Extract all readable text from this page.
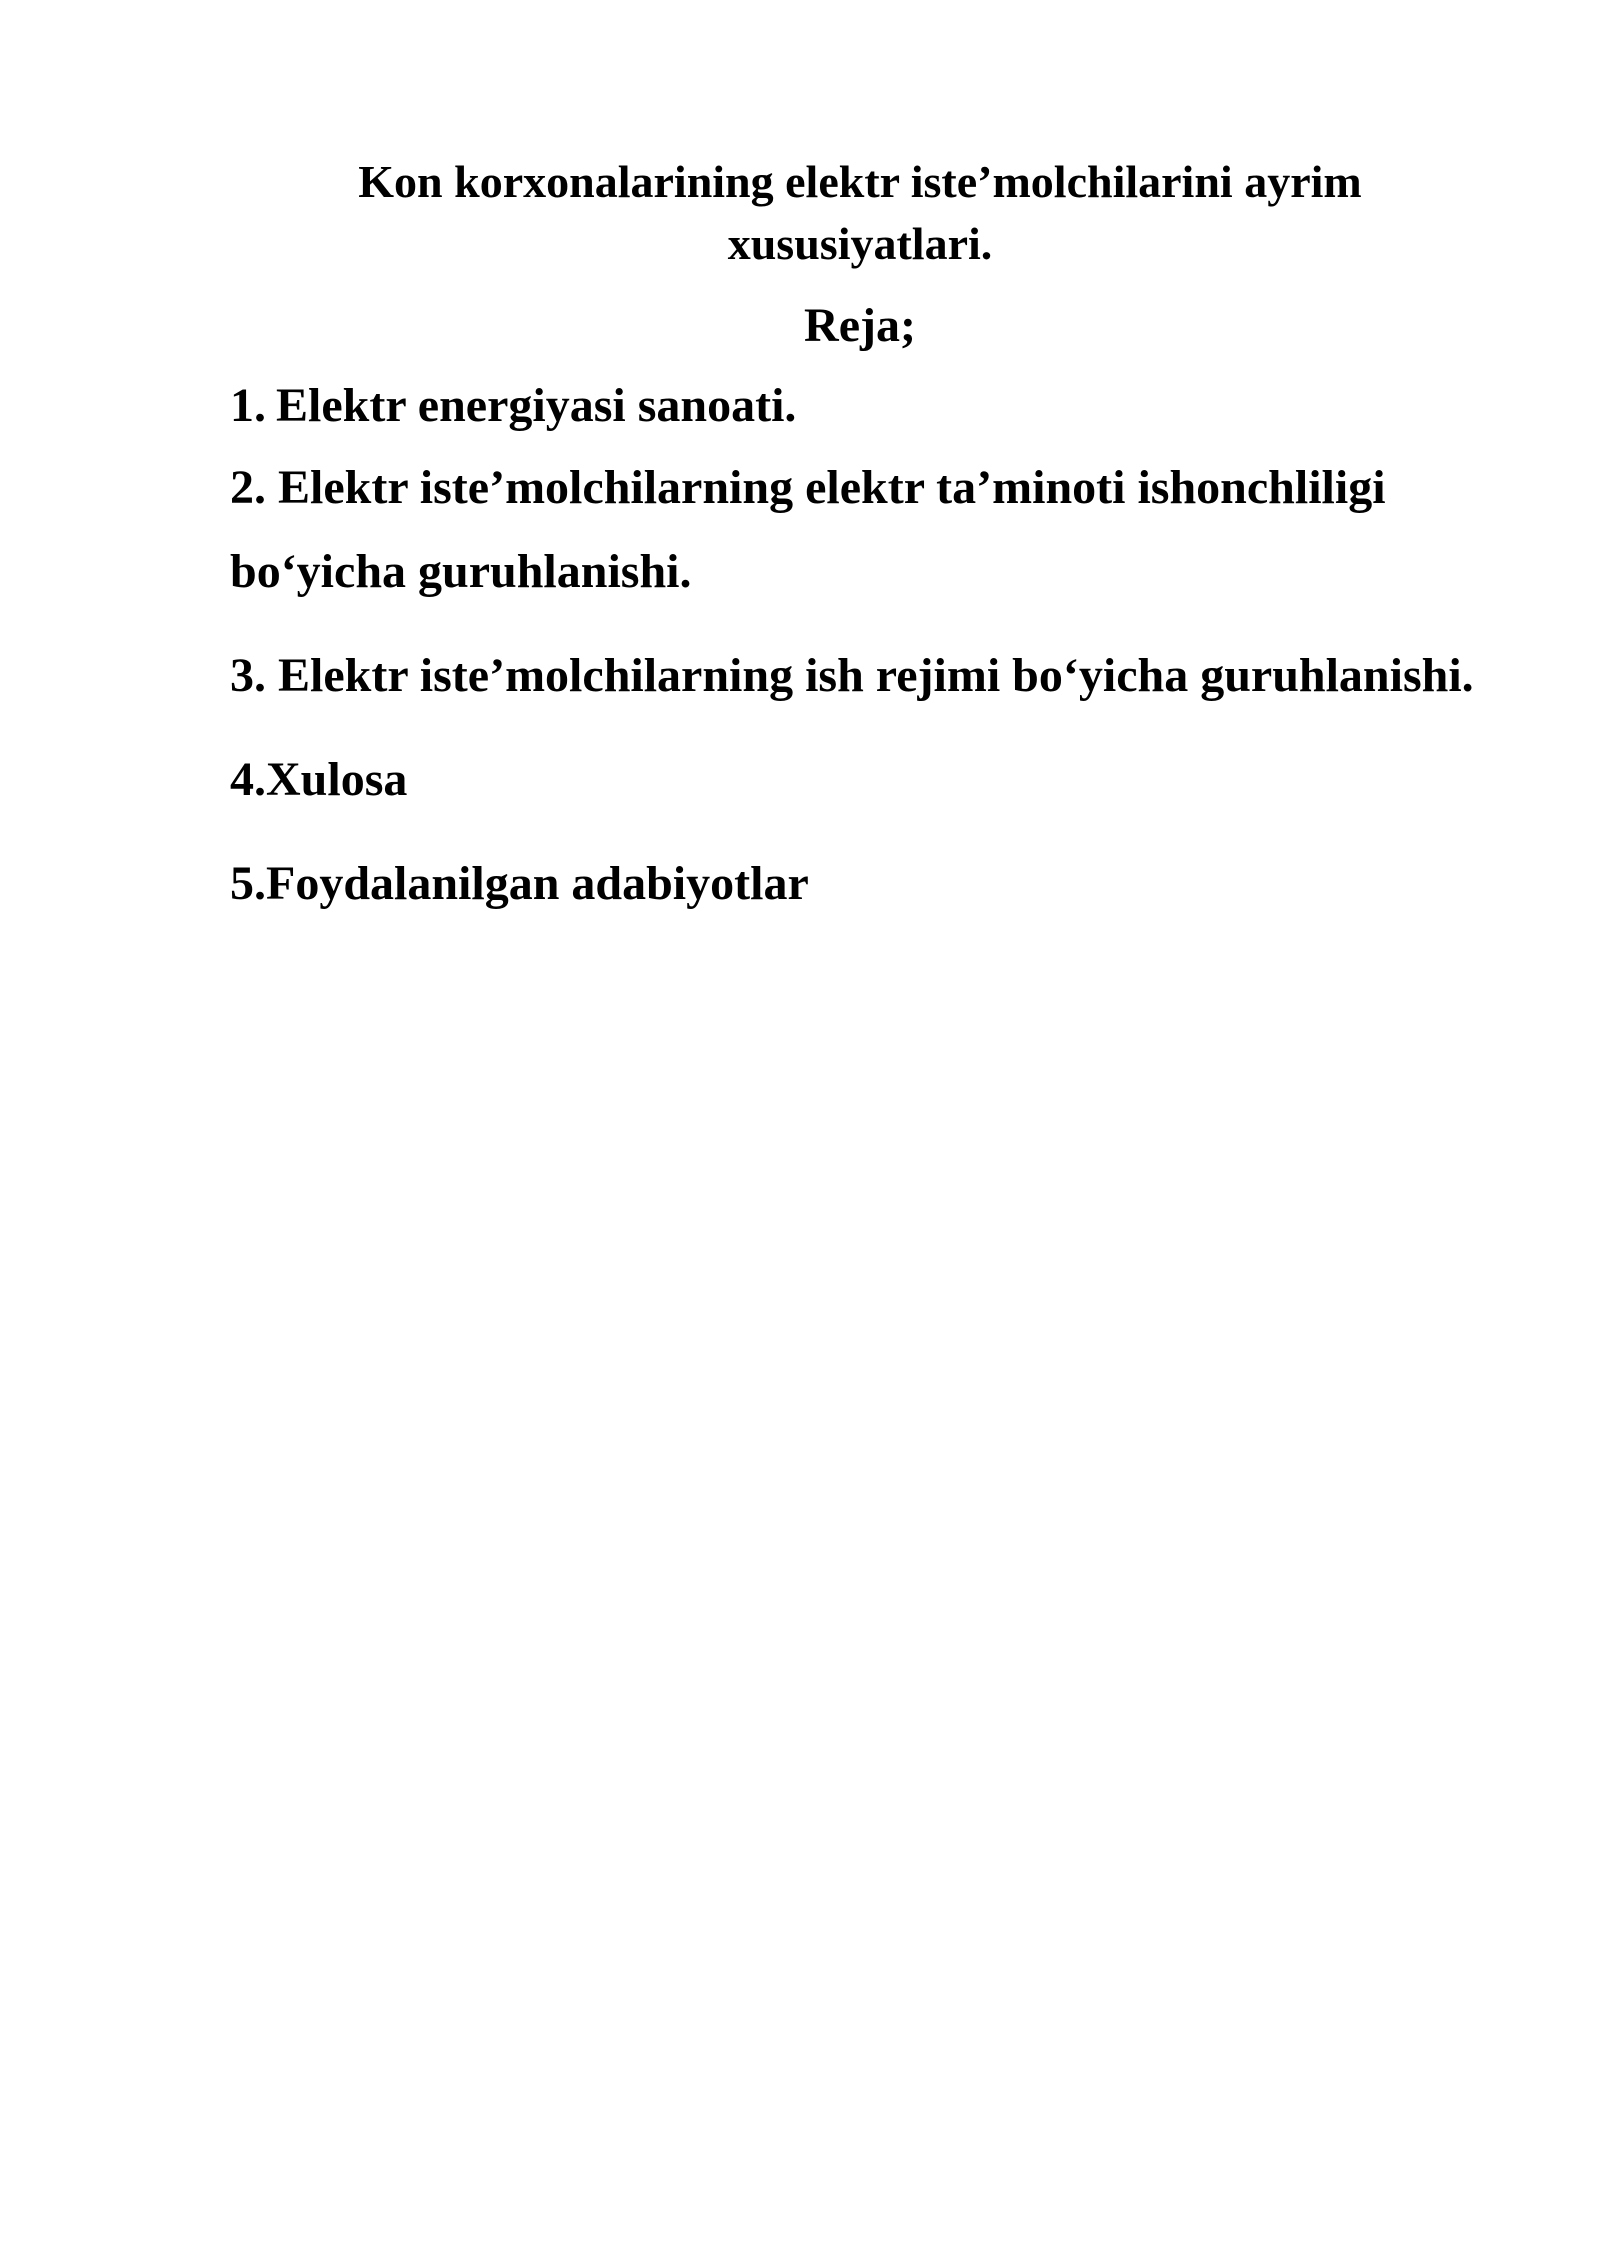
Kon korxonalarining elektr iste’molchilarini ayrim
xususiyatlari.
Reja;
1. Elektr energiyasi sanoati.
2. Elektr iste’molchilarning elektr ta’minoti ishonchliligi
bo‘yicha guruhlanishi.
3. Elektr iste’molchilarning ish rejimi bo‘yicha guruhlanishi.
4.Xulosa
5.Foydalanilgan adabiyotlar
